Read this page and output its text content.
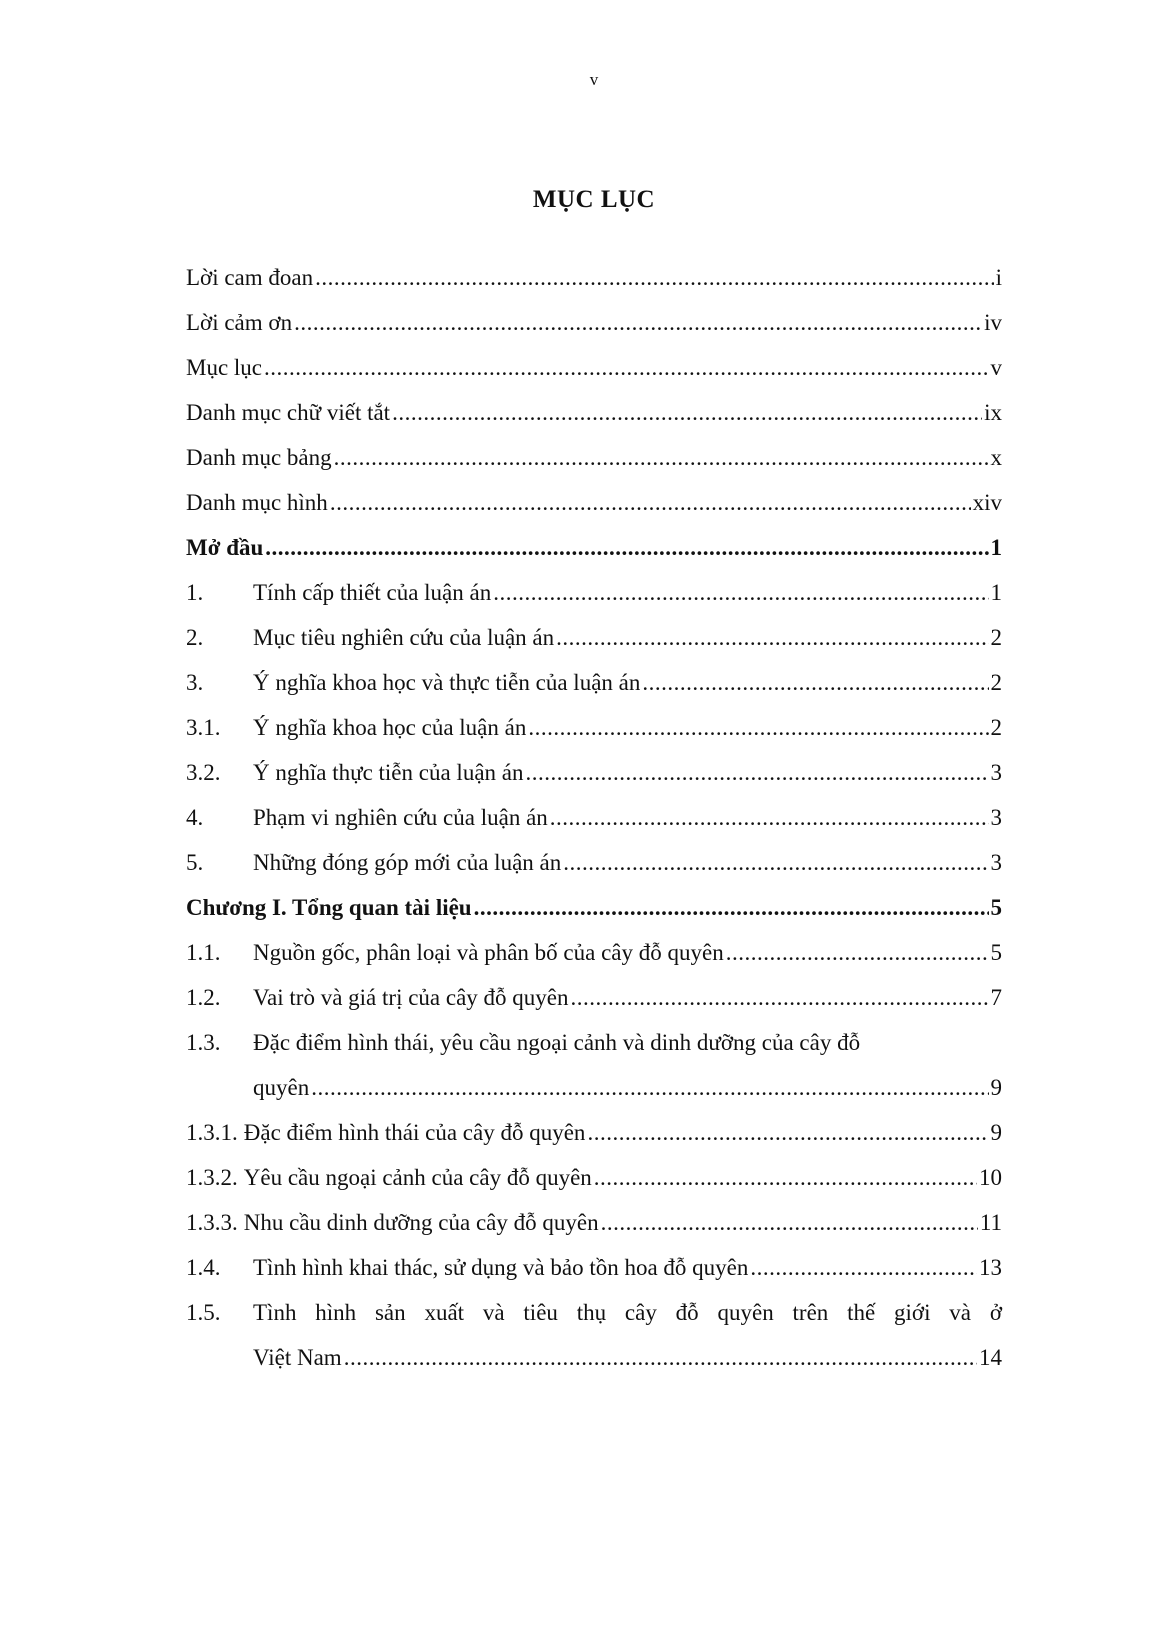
v
MỤC LỤC
Lời cam đoan .....	i
Lời cảm ơn .....	iv
Mục lục .....	v
Danh mục chữ viết tắt .....	ix
Danh mục bảng .....	x
Danh mục hình .....	xiv
Mở đầu .....	1
1.	Tính cấp thiết của luận án .....	1
2.	Mục tiêu nghiên cứu của luận án .....	2
3.	Ý nghĩa khoa học và thực tiễn của luận án .....	2
3.1.	Ý nghĩa khoa học của luận án .....	2
3.2.	Ý nghĩa thực tiễn của luận án .....	3
4.	Phạm vi nghiên cứu của luận án .....	3
5.	Những đóng góp mới của luận án .....	3
Chương I. Tổng quan tài liệu .....	5
1.1.	Nguồn gốc, phân loại và phân bố của cây đỗ quyên .....	5
1.2.	Vai trò và giá trị của cây đỗ quyên .....	7
1.3.	Đặc điểm hình thái, yêu cầu ngoại cảnh và dinh dưỡng của cây đỗ
quyên .....	9
1.3.1. Đặc điểm hình thái của cây đỗ quyên .....	9
1.3.2. Yêu cầu ngoại cảnh của cây đỗ quyên .....	10
1.3.3. Nhu cầu dinh dưỡng của cây đỗ quyên .....	11
1.4.	Tình hình khai thác, sử dụng và bảo tồn hoa đỗ quyên .....	13
1.5.	Tình hình sản xuất và tiêu thụ cây đỗ quyên trên thế giới và ở
Việt Nam .....	14
